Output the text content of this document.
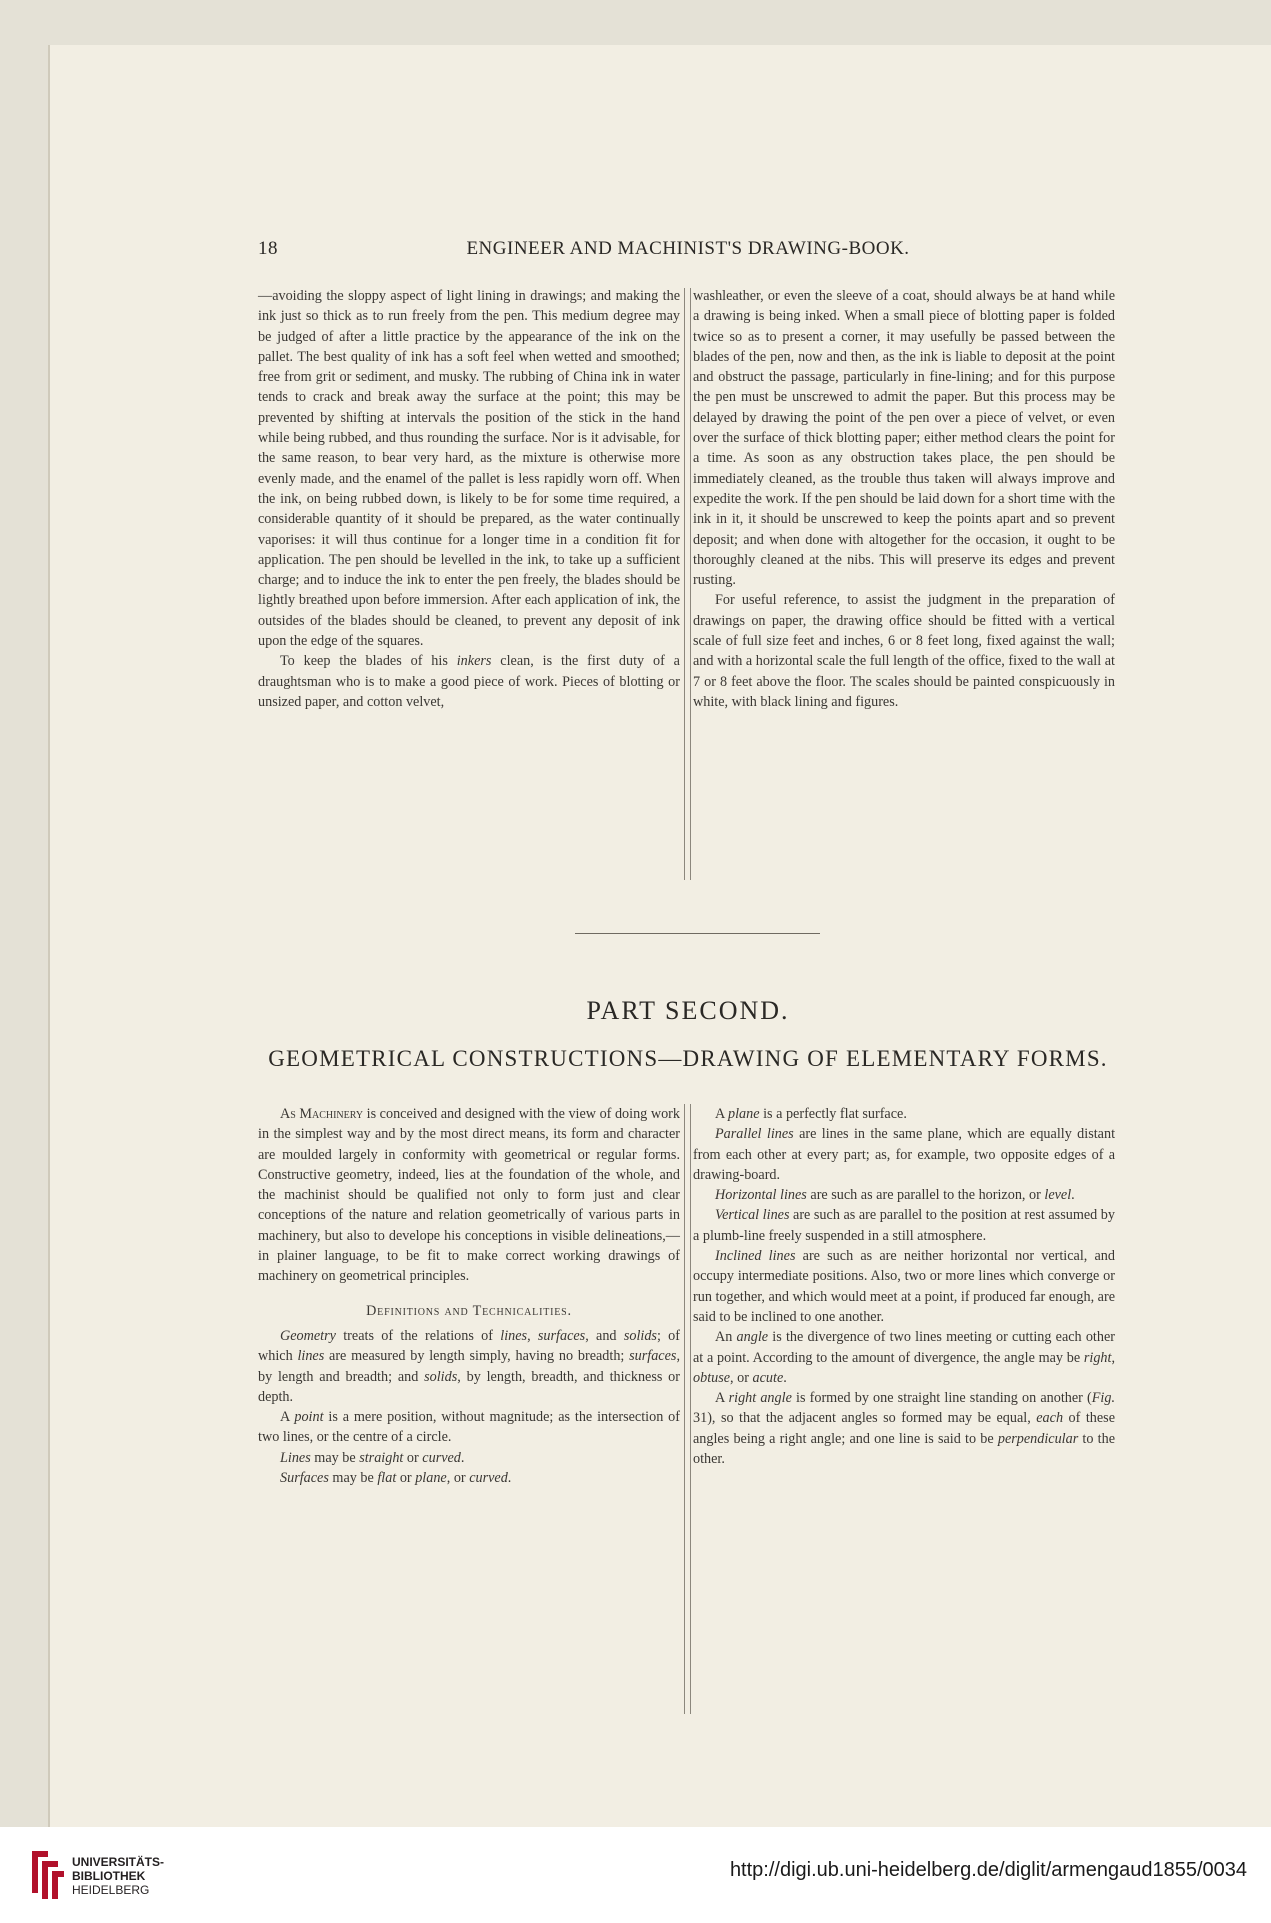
18	ENGINEER AND MACHINIST'S DRAWING-BOOK.

—avoiding the sloppy aspect of light lining in drawings; and making the ink just so thick as to run freely from the pen. This medium degree may be judged of after a little practice by the appearance of the ink on the pallet. The best quality of ink has a soft feel when wetted and smoothed; free from grit or sediment, and musky. The rubbing of China ink in water tends to crack and break away the surface at the point; this may be prevented by shifting at intervals the position of the stick in the hand while being rubbed, and thus rounding the surface. Nor is it advisable, for the same reason, to bear very hard, as the mixture is otherwise more evenly made, and the enamel of the pallet is less rapidly worn off. When the ink, on being rubbed down, is likely to be for some time required, a considerable quantity of it should be prepared, as the water continually vaporises: it will thus continue for a longer time in a condition fit for application. The pen should be levelled in the ink, to take up a sufficient charge; and to induce the ink to enter the pen freely, the blades should be lightly breathed upon before immersion. After each application of ink, the outsides of the blades should be cleaned, to prevent any deposit of ink upon the edge of the squares.

To keep the blades of his inkers clean, is the first duty of a draughtsman who is to make a good piece of work. Pieces of blotting or unsized paper, and cotton velvet,

washleather, or even the sleeve of a coat, should always be at hand while a drawing is being inked. When a small piece of blotting paper is folded twice so as to present a corner, it may usefully be passed between the blades of the pen, now and then, as the ink is liable to deposit at the point and obstruct the passage, particularly in fine-lining; and for this purpose the pen must be unscrewed to admit the paper. But this process may be delayed by drawing the point of the pen over a piece of velvet, or even over the surface of thick blotting paper; either method clears the point for a time. As soon as any obstruction takes place, the pen should be immediately cleaned, as the trouble thus taken will always improve and expedite the work. If the pen should be laid down for a short time with the ink in it, it should be unscrewed to keep the points apart and so prevent deposit; and when done with altogether for the occasion, it ought to be thoroughly cleaned at the nibs. This will preserve its edges and prevent rusting.

For useful reference, to assist the judgment in the preparation of drawings on paper, the drawing office should be fitted with a vertical scale of full size feet and inches, 6 or 8 feet long, fixed against the wall; and with a horizontal scale the full length of the office, fixed to the wall at 7 or 8 feet above the floor. The scales should be painted conspicuously in white, with black lining and figures.

PART SECOND.
GEOMETRICAL CONSTRUCTIONS—DRAWING OF ELEMENTARY FORMS.

As Machinery is conceived and designed with the view of doing work in the simplest way and by the most direct means, its form and character are moulded largely in conformity with geometrical or regular forms. Constructive geometry, indeed, lies at the foundation of the whole, and the machinist should be qualified not only to form just and clear conceptions of the nature and relation geometrically of various parts in machinery, but also to develope his conceptions in visible delineations,—in plainer language, to be fit to make correct working drawings of machinery on geometrical principles.

Definitions and Technicalities.

Geometry treats of the relations of lines, surfaces, and solids; of which lines are measured by length simply, having no breadth; surfaces, by length and breadth; and solids, by length, breadth, and thickness or depth.

A point is a mere position, without magnitude; as the intersection of two lines, or the centre of a circle.

Lines may be straight or curved.

Surfaces may be flat or plane, or curved.

A plane is a perfectly flat surface.

Parallel lines are lines in the same plane, which are equally distant from each other at every part; as, for example, two opposite edges of a drawing-board.

Horizontal lines are such as are parallel to the horizon, or level.

Vertical lines are such as are parallel to the position at rest assumed by a plumb-line freely suspended in a still atmosphere.

Inclined lines are such as are neither horizontal nor vertical, and occupy intermediate positions. Also, two or more lines which converge or run together, and which would meet at a point, if produced far enough, are said to be inclined to one another.

An angle is the divergence of two lines meeting or cutting each other at a point. According to the amount of divergence, the angle may be right, obtuse, or acute.

A right angle is formed by one straight line standing on another (Fig. 31), so that the adjacent angles so formed may be equal, each of these angles being a right angle; and one line is said to be perpendicular to the other.

UNIVERSITÄTS-
BIBLIOTHEK
HEIDELBERG
http://digi.ub.uni-heidelberg.de/diglit/armengaud1855/0034
